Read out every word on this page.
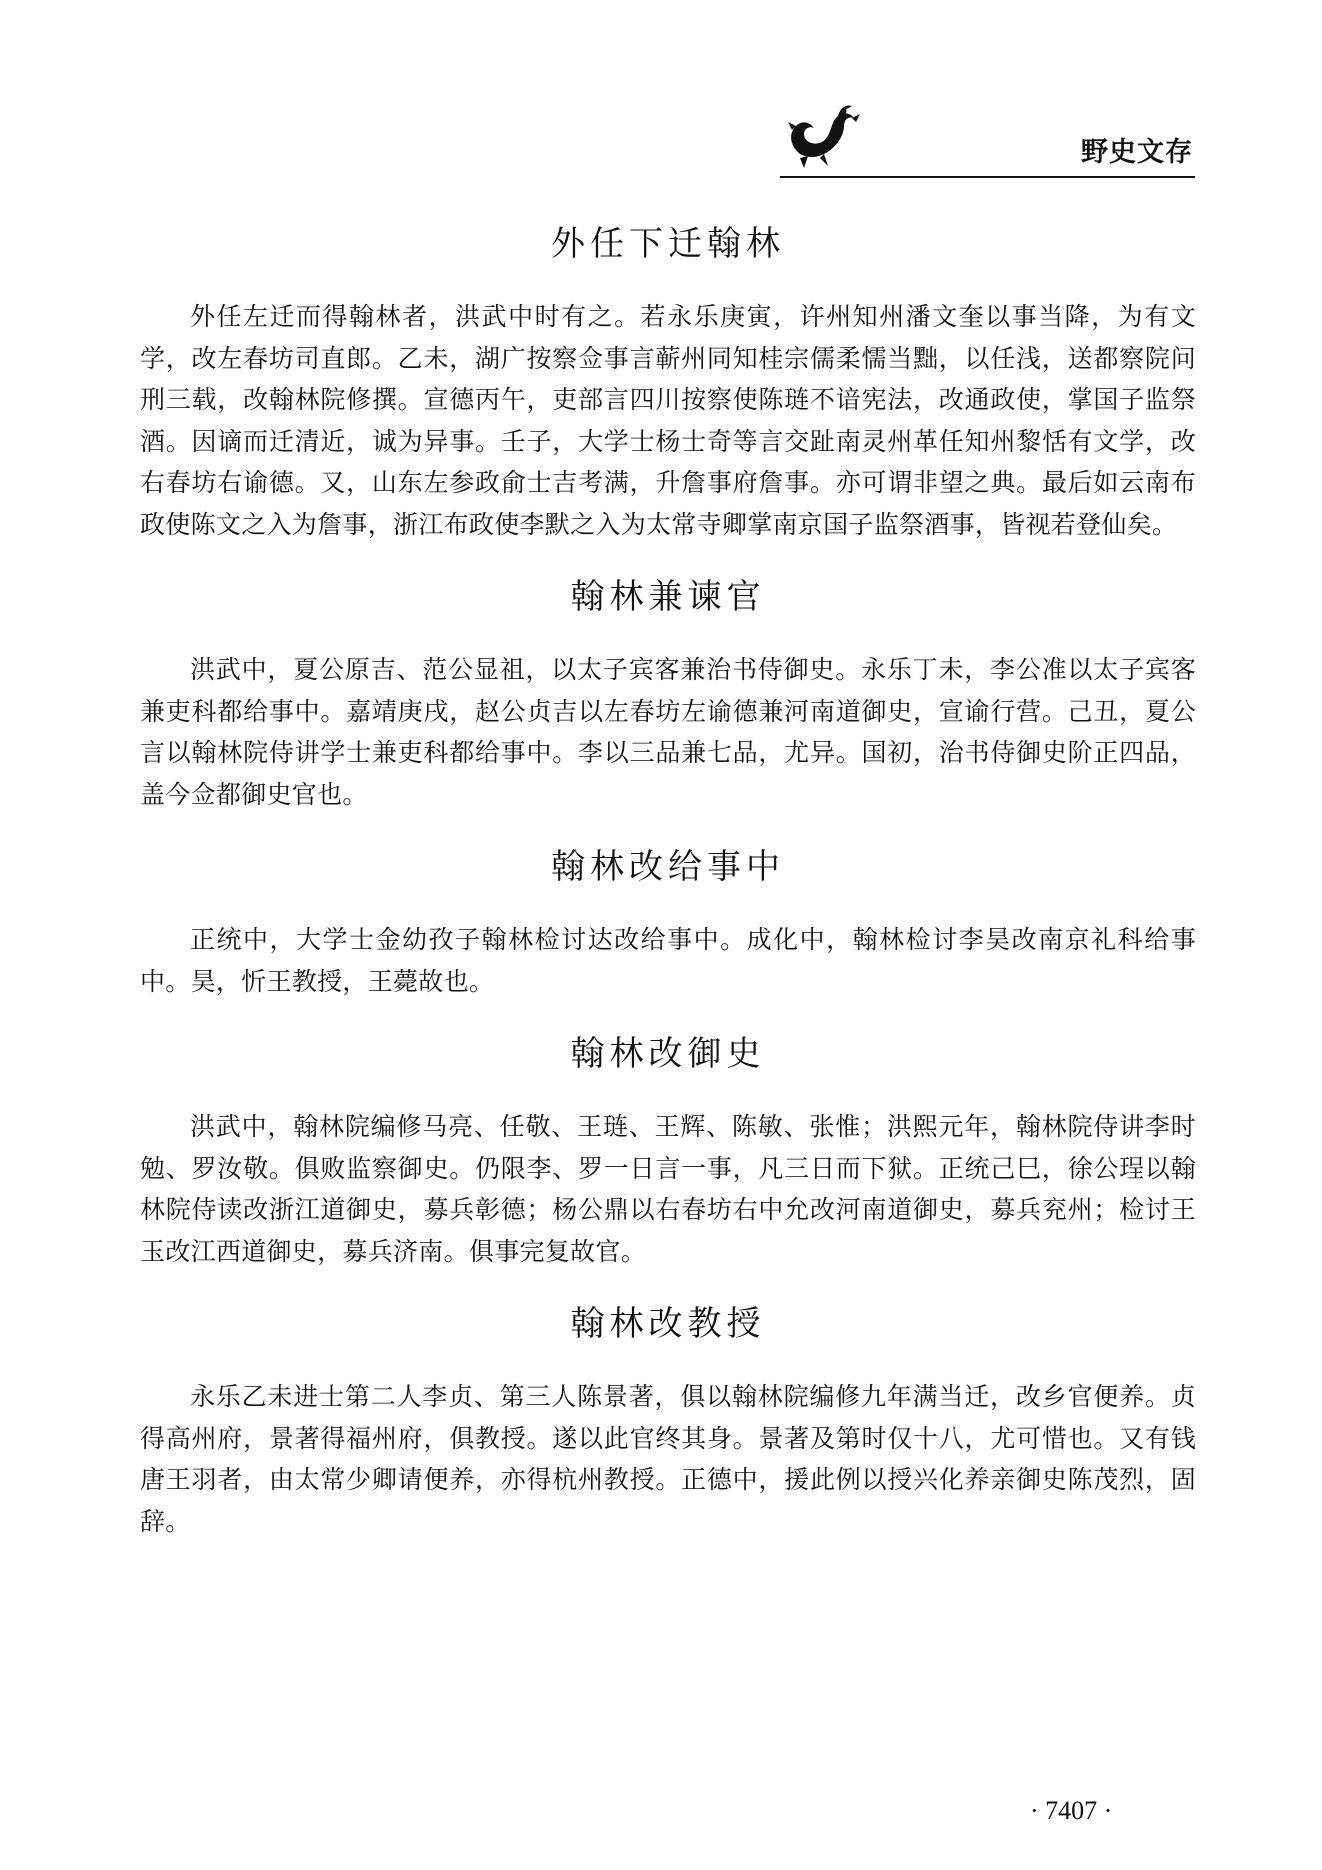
野史文存
外任下迁翰林

外任左迁而得翰林者，洪武中时有之。若永乐庚寅，许州知州潘文奎以事当降，为有文学，改左春坊司直郎。乙未，湖广按察佥事言蕲州同知桂宗儒柔懦当黜，以任浅，送都察院问刑三载，改翰林院修撰。宣德丙午，吏部言四川按察使陈琏不谙宪法，改通政使，掌国子监祭酒。因谪而迁清近，诚为异事。壬子，大学士杨士奇等言交趾南灵州革任知州黎恬有文学，改右春坊右谕德。又，山东左参政俞士吉考满，升詹事府詹事。亦可谓非望之典。最后如云南布政使陈文之入为詹事，浙江布政使李默之入为太常寺卿掌南京国子监祭酒事，皆视若登仙矣。

翰林兼谏官

洪武中，夏公原吉、范公显祖，以太子宾客兼治书侍御史。永乐丁未，李公准以太子宾客兼吏科都给事中。嘉靖庚戌，赵公贞吉以左春坊左谕德兼河南道御史，宣谕行营。己丑，夏公言以翰林院侍讲学士兼吏科都给事中。李以三品兼七品，尤异。国初，治书侍御史阶正四品，盖今佥都御史官也。

翰林改给事中

正统中，大学士金幼孜子翰林检讨达改给事中。成化中，翰林检讨李昊改南京礼科给事中。昊，忻王教授，王薨故也。

翰林改御史

洪武中，翰林院编修马亮、任敬、王琏、王辉、陈敏、张惟；洪熙元年，翰林院侍讲李时勉、罗汝敬。俱败监察御史。仍限李、罗一日言一事，凡三日而下狱。正统己巳，徐公珵以翰林院侍读改浙江道御史，募兵彰德；杨公鼎以右春坊右中允改河南道御史，募兵兖州；检讨王玉改江西道御史，募兵济南。俱事完复故官。

翰林改教授

永乐乙未进士第二人李贞、第三人陈景著，俱以翰林院编修九年满当迁，改乡官便养。贞得高州府，景著得福州府，俱教授。遂以此官终其身。景著及第时仅十八，尤可惜也。又有钱唐王羽者，由太常少卿请便养，亦得杭州教授。正德中，援此例以授兴化养亲御史陈茂烈，固辞。

· 7407 ·
